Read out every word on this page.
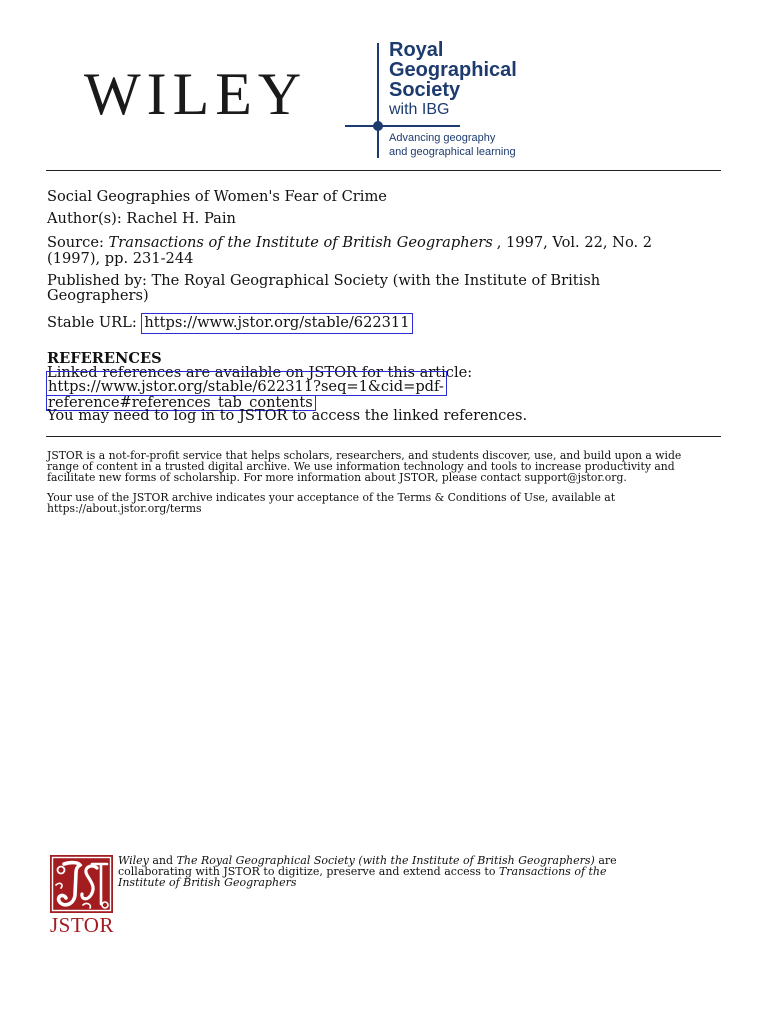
WILEY
Royal
Geographical
Society
with IBG
Advancing geography
and geographical learning
Social Geographies of Women's Fear of Crime
Author(s): Rachel H. Pain
Source: Transactions of the Institute of British Geographers , 1997, Vol. 22, No. 2
(1997), pp. 231-244
Published by: The Royal Geographical Society (with the Institute of British
Geographers)
Stable URL: https://www.jstor.org/stable/622311
REFERENCES
Linked references are available on JSTOR for this article:
https://www.jstor.org/stable/622311?seq=1&cid=pdf-
reference#references_tab_contents
You may need to log in to JSTOR to access the linked references.
JSTOR is a not-for-profit service that helps scholars, researchers, and students discover, use, and build upon a wide
range of content in a trusted digital archive. We use information technology and tools to increase productivity and
facilitate new forms of scholarship. For more information about JSTOR, please contact support@jstor.org.
Your use of the JSTOR archive indicates your acceptance of the Terms & Conditions of Use, available at
https://about.jstor.org/terms
JSTOR
Wiley and The Royal Geographical Society (with the Institute of British Geographers) are
collaborating with JSTOR to digitize, preserve and extend access to Transactions of the
Institute of British Geographers
